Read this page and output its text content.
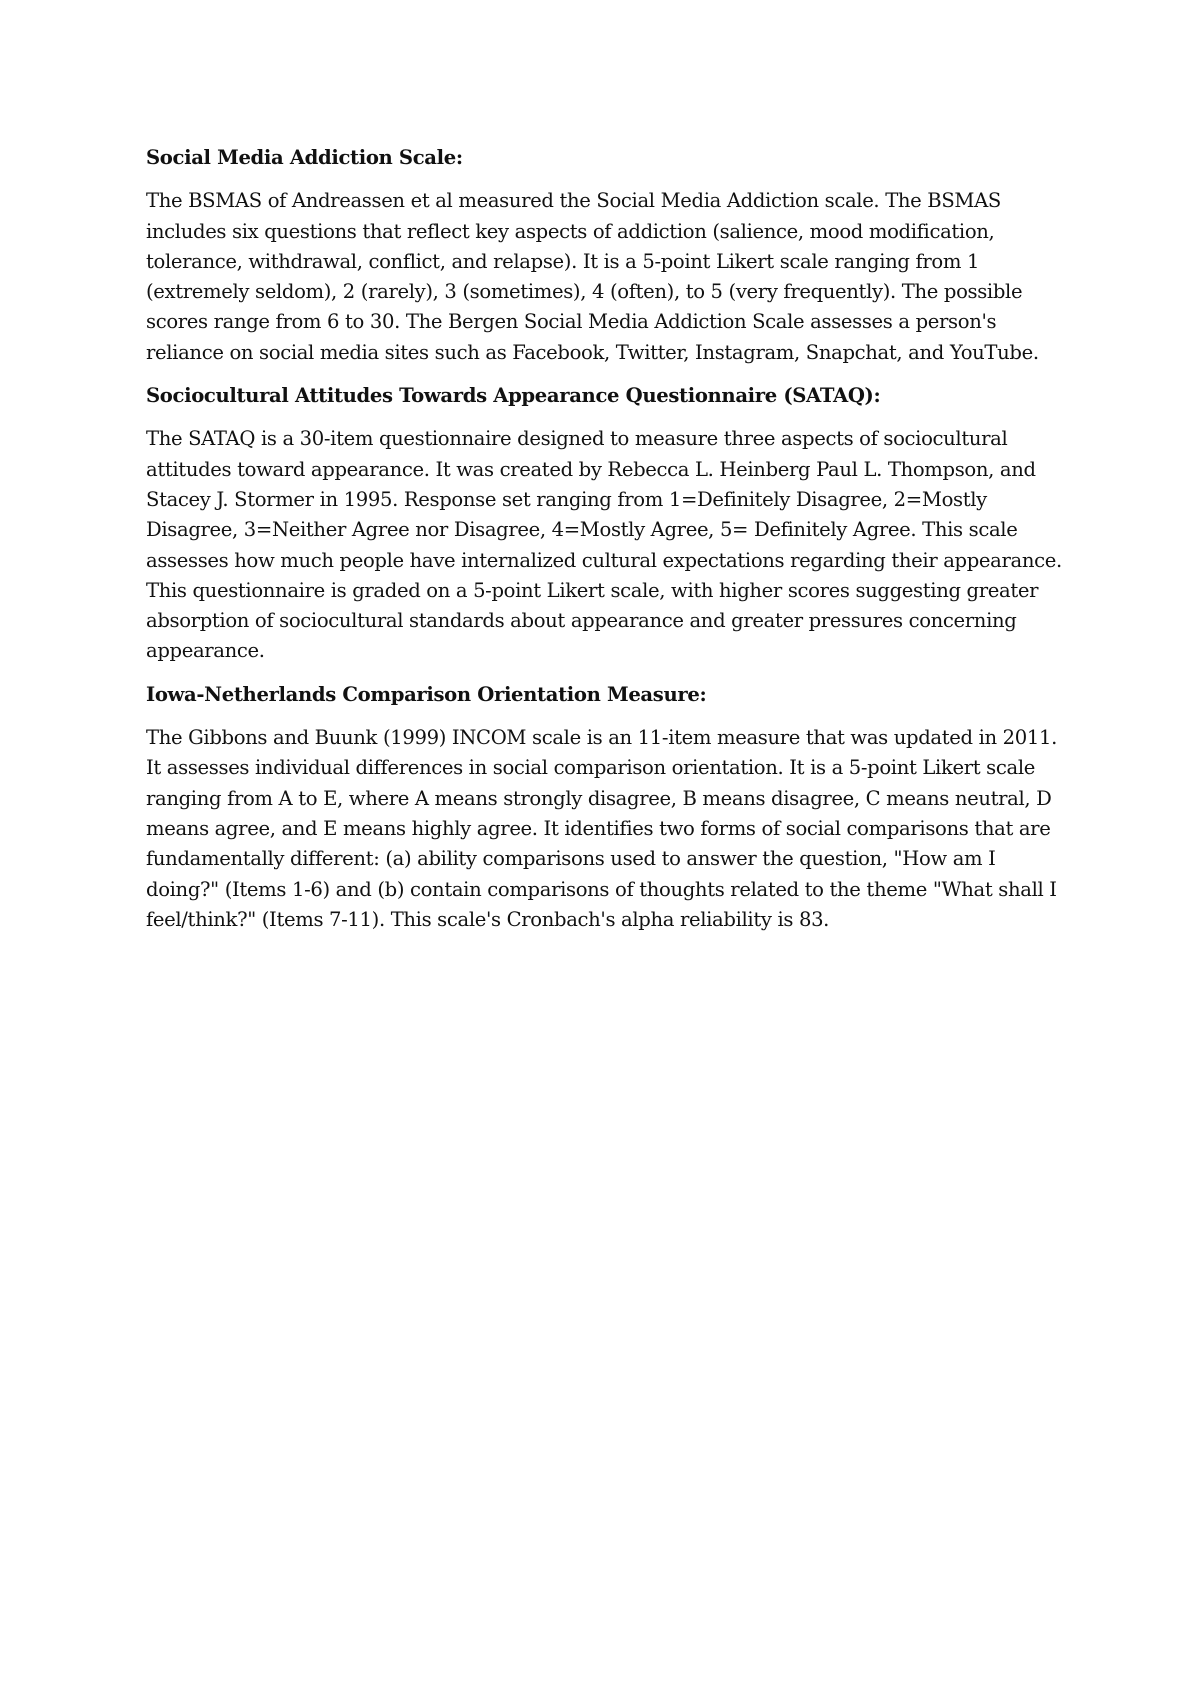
Social Media Addiction Scale:

The BSMAS of Andreassen et al measured the Social Media Addiction scale. The BSMAS includes six questions that reflect key aspects of addiction (salience, mood modification, tolerance, withdrawal, conflict, and relapse). It is a 5-point Likert scale ranging from 1 (extremely seldom), 2 (rarely), 3 (sometimes), 4 (often), to 5 (very frequently). The possible scores range from 6 to 30. The Bergen Social Media Addiction Scale assesses a person's reliance on social media sites such as Facebook, Twitter, Instagram, Snapchat, and YouTube.

Sociocultural Attitudes Towards Appearance Questionnaire (SATAQ):

The SATAQ is a 30-item questionnaire designed to measure three aspects of sociocultural attitudes toward appearance. It was created by Rebecca L. Heinberg Paul L. Thompson, and Stacey J. Stormer in 1995. Response set ranging from 1=Definitely Disagree, 2=Mostly Disagree, 3=Neither Agree nor Disagree, 4=Mostly Agree, 5= Definitely Agree. This scale assesses how much people have internalized cultural expectations regarding their appearance. This questionnaire is graded on a 5-point Likert scale, with higher scores suggesting greater absorption of sociocultural standards about appearance and greater pressures concerning appearance.

Iowa-Netherlands Comparison Orientation Measure:

The Gibbons and Buunk (1999) INCOM scale is an 11-item measure that was updated in 2011. It assesses individual differences in social comparison orientation. It is a 5-point Likert scale ranging from A to E, where A means strongly disagree, B means disagree, C means neutral, D means agree, and E means highly agree. It identifies two forms of social comparisons that are fundamentally different: (a) ability comparisons used to answer the question, "How am I doing?" (Items 1-6) and (b) contain comparisons of thoughts related to the theme "What shall I feel/think?" (Items 7-11). This scale's Cronbach's alpha reliability is 83.
